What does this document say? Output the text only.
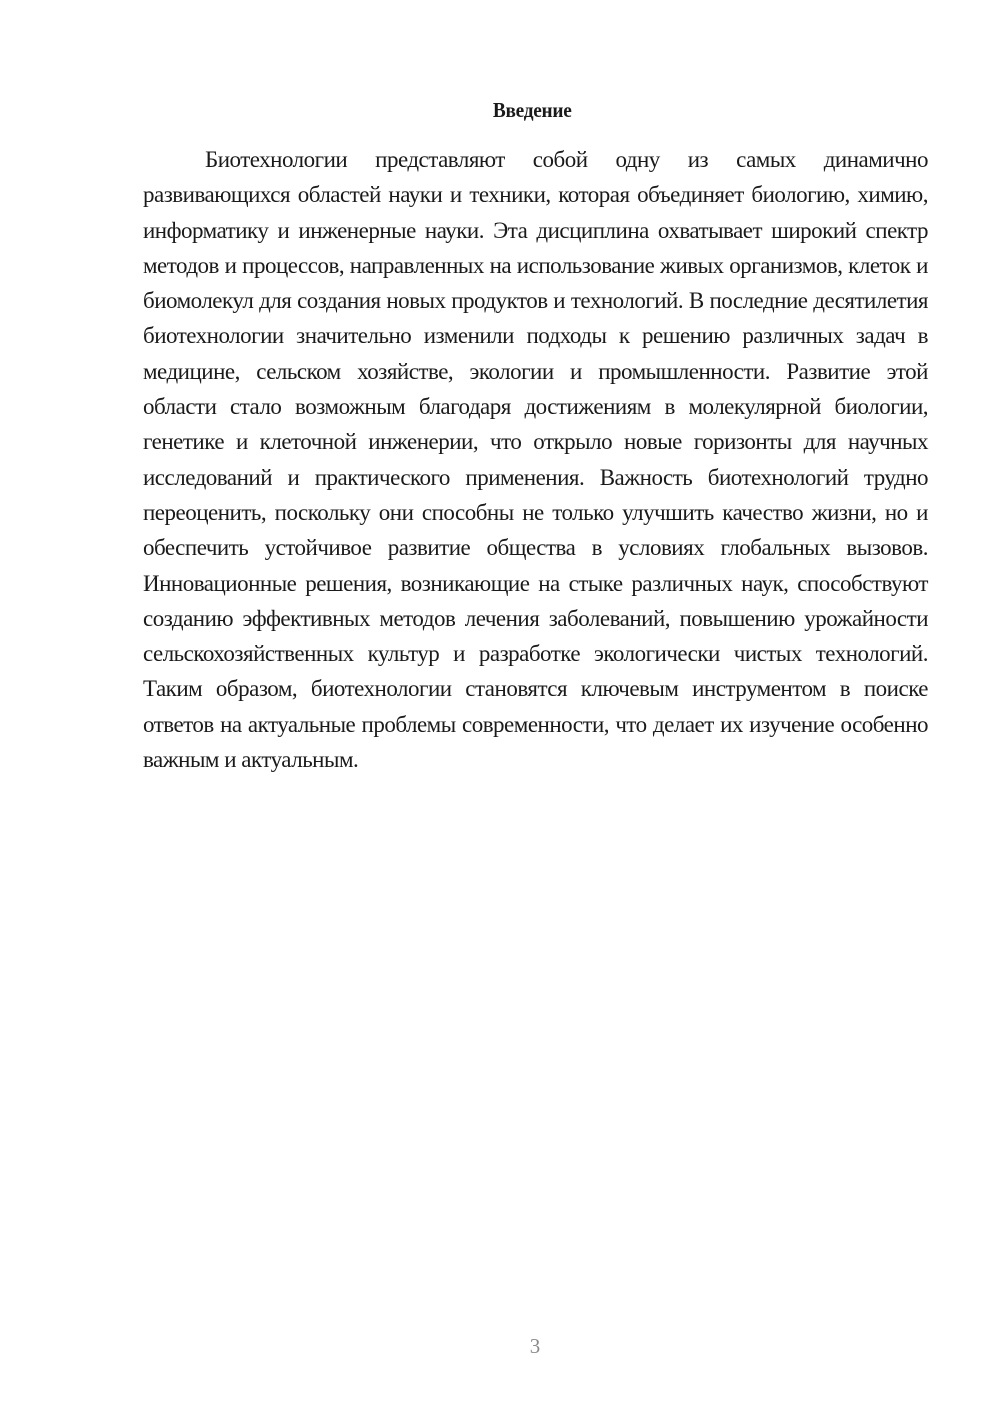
Введение

Биотехнологии представляют собой одну из самых динамично развивающихся областей науки и техники, которая объединяет биологию, химию, информатику и инженерные науки. Эта дисциплина охватывает широкий спектр методов и процессов, направленных на использование живых организмов, клеток и биомолекул для создания новых продуктов и технологий. В последние десятилетия биотехнологии значительно изменили подходы к решению различных задач в медицине, сельском хозяйстве, экологии и промышленности. Развитие этой области стало возможным благодаря достижениям в молекулярной биологии, генетике и клеточной инженерии, что открыло новые горизонты для научных исследований и практического применения. Важность биотехнологий трудно переоценить, поскольку они способны не только улучшить качество жизни, но и обеспечить устойчивое развитие общества в условиях глобальных вызовов. Инновационные решения, возникающие на стыке различных наук, способствуют созданию эффективных методов лечения заболеваний, повышению урожайности сельскохозяйственных культур и разработке экологически чистых технологий. Таким образом, биотехнологии становятся ключевым инструментом в поиске ответов на актуальные проблемы современности, что делает их изучение особенно важным и актуальным.

3
